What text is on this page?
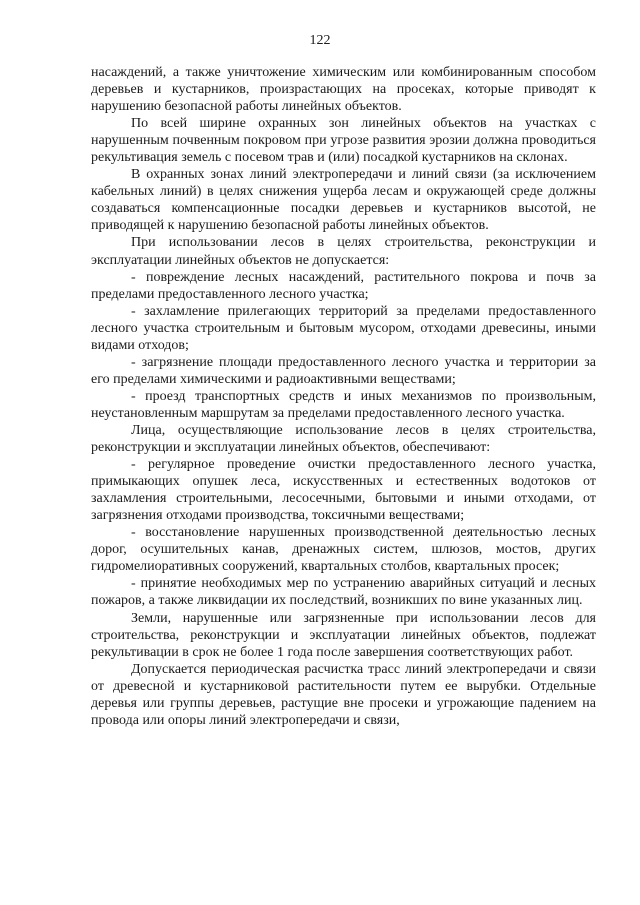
122

насаждений, а также уничтожение химическим или комбинированным способом деревьев и кустарников, произрастающих на просеках, которые приводят к нарушению безопасной работы линейных объектов.

По всей ширине охранных зон линейных объектов на участках с нарушенным почвенным покровом при угрозе развития эрозии должна проводиться рекультивация земель с посевом трав и (или) посадкой кустарников на склонах.

В охранных зонах линий электропередачи и линий связи (за исключением кабельных линий) в целях снижения ущерба лесам и окружающей среде должны создаваться компенсационные посадки деревьев и кустарников высотой, не приводящей к нарушению безопасной работы линейных объектов.

При использовании лесов в целях строительства, реконструкции и эксплуатации линейных объектов не допускается:

- повреждение лесных насаждений, растительного покрова и почв за пределами предоставленного лесного участка;

- захламление прилегающих территорий за пределами предоставленного лесного участка строительным и бытовым мусором, отходами древесины, иными видами отходов;

- загрязнение площади предоставленного лесного участка и территории за его пределами химическими и радиоактивными веществами;

- проезд транспортных средств и иных механизмов по произвольным, неустановленным маршрутам за пределами предоставленного лесного участка.

Лица, осуществляющие использование лесов в целях строительства, реконструкции и эксплуатации линейных объектов, обеспечивают:

- регулярное проведение очистки предоставленного лесного участка, примыкающих опушек леса, искусственных и естественных водотоков от захламления строительными, лесосечными, бытовыми и иными отходами, от загрязнения отходами производства, токсичными веществами;

- восстановление нарушенных производственной деятельностью лесных дорог, осушительных канав, дренажных систем, шлюзов, мостов, других гидромелиоративных сооружений, квартальных столбов, квартальных просек;

- принятие необходимых мер по устранению аварийных ситуаций и лесных пожаров, а также ликвидации их последствий, возникших по вине указанных лиц.

Земли, нарушенные или загрязненные при использовании лесов для строительства, реконструкции и эксплуатации линейных объектов, подлежат рекультивации в срок не более 1 года после завершения соответствующих работ.

Допускается периодическая расчистка трасс линий электропередачи и связи от древесной и кустарниковой растительности путем ее вырубки. Отдельные деревья или группы деревьев, растущие вне просеки и угрожающие падением на провода или опоры линий электропередачи и связи,
